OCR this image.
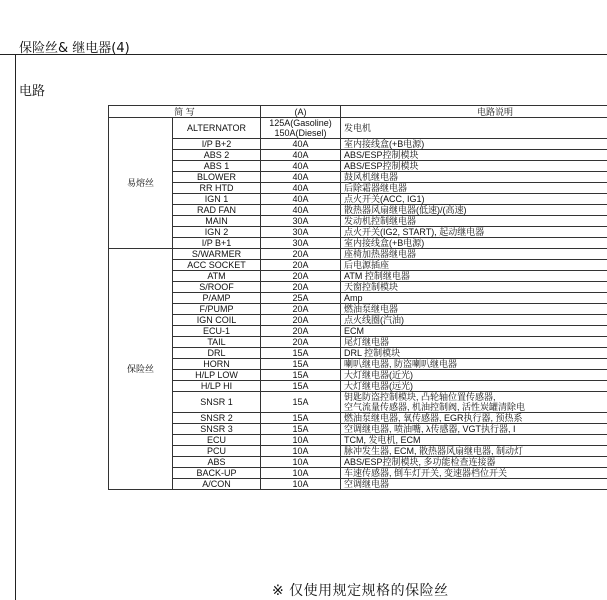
保险丝& 继电器(4)
电路
简 写		(A)	电路说明
易熔丝	ALTERNATOR	125A(Gasoline)
150A(Diesel)	发电机
	I/P B+2	40A	室内接线盒(+B电源)
	ABS 2	40A	ABS/ESP控制模块
	ABS 1	40A	ABS/ESP控制模块
	BLOWER	40A	鼓风机继电器
	RR HTD	40A	后除霜器继电器
	IGN 1	40A	点火开关(ACC, IG1)
	RAD FAN	40A	散热器风扇继电器(低速)/(高速)
	MAIN	30A	发动机控制继电器
	IGN 2	30A	点火开关(IG2, START), 起动继电器
	I/P B+1	30A	室内接线盒(+B电源)
保险丝	S/WARMER	20A	座椅加热器继电器
	ACC SOCKET	20A	后电源插座
	ATM	20A	ATM 控制继电器
	S/ROOF	20A	天窗控制模块
	P/AMP	25A	Amp
	F/PUMP	20A	燃油泵继电器
	IGN COIL	20A	点火线圈(汽油)
	ECU-1	20A	ECM
	TAIL	20A	尾灯继电器
	DRL	15A	DRL 控制模块
	HORN	15A	喇叭继电器, 防盗喇叭继电器
	H/LP LOW	15A	大灯继电器(近光)
	H/LP HI	15A	大灯继电器(远光)
	SNSR 1	15A	钥匙防盗控制模块, 凸轮轴位置传感器,
空气流量传感器, 机油控制阀, 活性炭罐清除电
	SNSR 2	15A	燃油泵继电器, 氧传感器, EGR执行器, 预热系
	SNSR 3	15A	空调继电器, 喷油嘴, λ传感器, VGT执行器, I
	ECU	10A	TCM, 发电机, ECM
	PCU	10A	脉冲发生器, ECM, 散热器风扇继电器, 制动灯
	ABS	10A	ABS/ESP控制模块, 多功能检查连接器
	BACK-UP	10A	车速传感器, 倒车灯开关, 变速器档位开关
	A/CON	10A	空调继电器
※ 仅使用规定规格的保险丝
